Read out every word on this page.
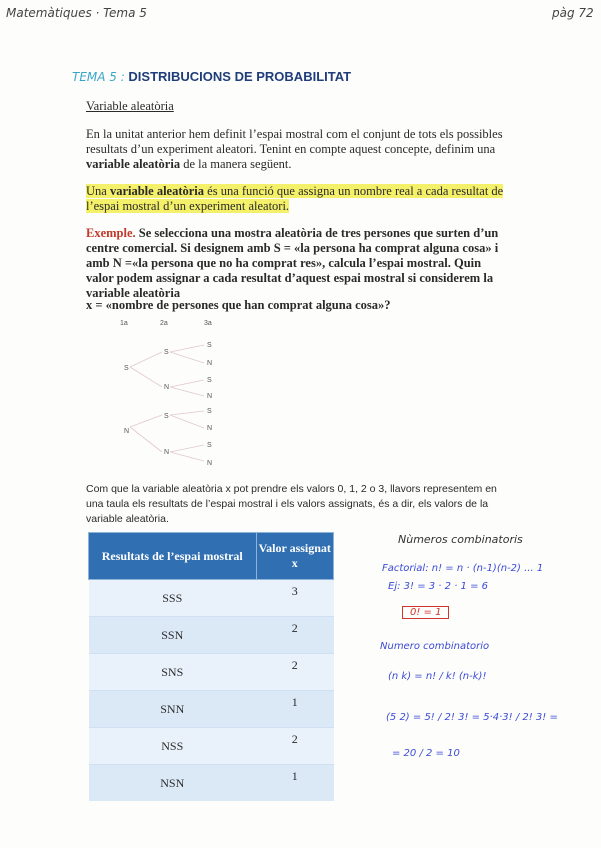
Matemàtiques · Tema 5	pàg 72
TEMA 5 : DISTRIBUCIONS DE PROBABILITAT
Variable aleatòria
En la unitat anterior hem definit l’espai mostral com el conjunt de tots els possibles resultats d’un experiment aleatori. Tenint en compte aquest concepte, definim una variable aleatòria de la manera següent.
Una variable aleatòria és una funció que assigna un nombre real a cada resultat de l’espai mostral d’un experiment aleatori.
Exemple. Se selecciona una mostra aleatòria de tres persones que surten d’un centre comercial. Si designem amb S = «la persona ha comprat alguna cosa» i amb N =«la persona que no ha comprat res», calcula l’espai mostral. Quin valor podem assignar a cada resultat d’aquest espai mostral si considerem la variable aleatòria
x = «nombre de persones que han comprat alguna cosa»?
1a	2a	3a
S
N
S
N
S
N
S
N
S
N
S
N
S
N
Com que la variable aleatòria x pot prendre els valors 0, 1, 2 o 3, llavors representem en una taula els resultats de l’espai mostral i els valors assignats, és a dir, els valors de la variable aleatòria.
Resultats de l’espai mostral	Valor assignat x
SSS	3
SSN	2
SNS	2
SNN	1
NSS	2
NSN	1
Nùmeros combinatoris
Factorial: n! = n · (n-1)(n-2) ... 1
Ej: 3! = 3 · 2 · 1 = 6
0! = 1
Numero combinatorio
(n k) = n! / k! (n-k)!
(5 2) = 5! / 2! 3! = 5·4·3! / 2! 3! =
= 20 / 2 = 10
